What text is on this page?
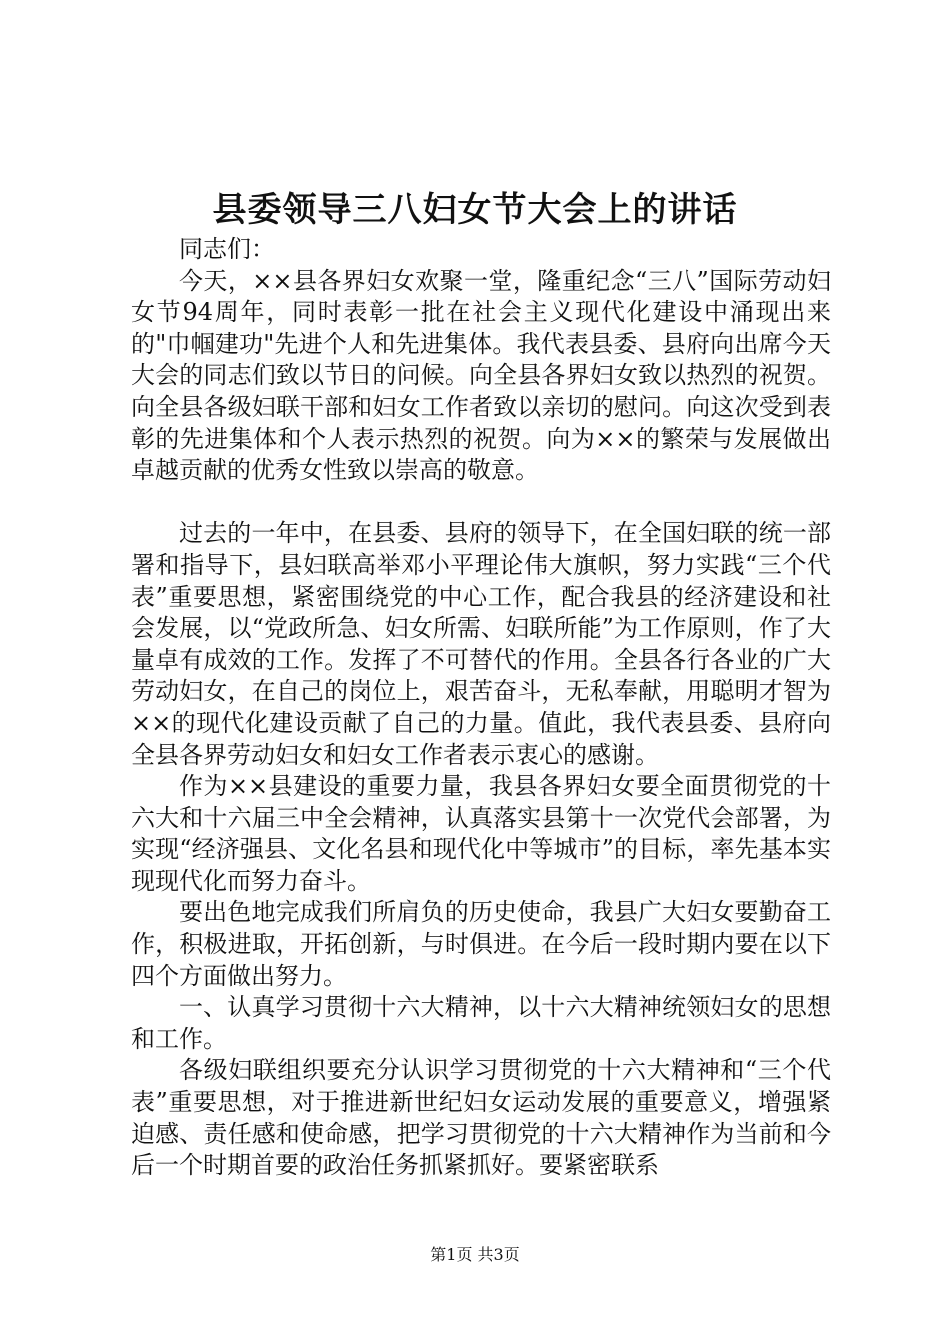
县委领导三八妇女节大会上的讲话

同志们：

今天，××县各界妇女欢聚一堂，隆重纪念“三八”国际劳动妇女节94周年，同时表彰一批在社会主义现代化建设中涌现出来的"巾帼建功"先进个人和先进集体。我代表县委、县府向出席今天大会的同志们致以节日的问候。向全县各界妇女致以热烈的祝贺。向全县各级妇联干部和妇女工作者致以亲切的慰问。向这次受到表彰的先进集体和个人表示热烈的祝贺。向为××的繁荣与发展做出卓越贡献的优秀女性致以崇高的敬意。

过去的一年中，在县委、县府的领导下，在全国妇联的统一部署和指导下，县妇联高举邓小平理论伟大旗帜，努力实践“三个代表”重要思想，紧密围绕党的中心工作，配合我县的经济建设和社会发展，以“党政所急、妇女所需、妇联所能”为工作原则，作了大量卓有成效的工作。发挥了不可替代的作用。全县各行各业的广大劳动妇女，在自己的岗位上，艰苦奋斗，无私奉献，用聪明才智为××的现代化建设贡献了自己的力量。值此，我代表县委、县府向全县各界劳动妇女和妇女工作者表示衷心的感谢。

作为××县建设的重要力量，我县各界妇女要全面贯彻党的十六大和十六届三中全会精神，认真落实县第十一次党代会部署，为实现“经济强县、文化名县和现代化中等城市”的目标，率先基本实现现代化而努力奋斗。

要出色地完成我们所肩负的历史使命，我县广大妇女要勤奋工作，积极进取，开拓创新，与时俱进。在今后一段时期内要在以下四个方面做出努力。

一、认真学习贯彻十六大精神，以十六大精神统领妇女的思想和工作。

各级妇联组织要充分认识学习贯彻党的十六大精神和“三个代表”重要思想，对于推进新世纪妇女运动发展的重要意义，增强紧迫感、责任感和使命感，把学习贯彻党的十六大精神作为当前和今后一个时期首要的政治任务抓紧抓好。要紧密联系

第1页 共3页
